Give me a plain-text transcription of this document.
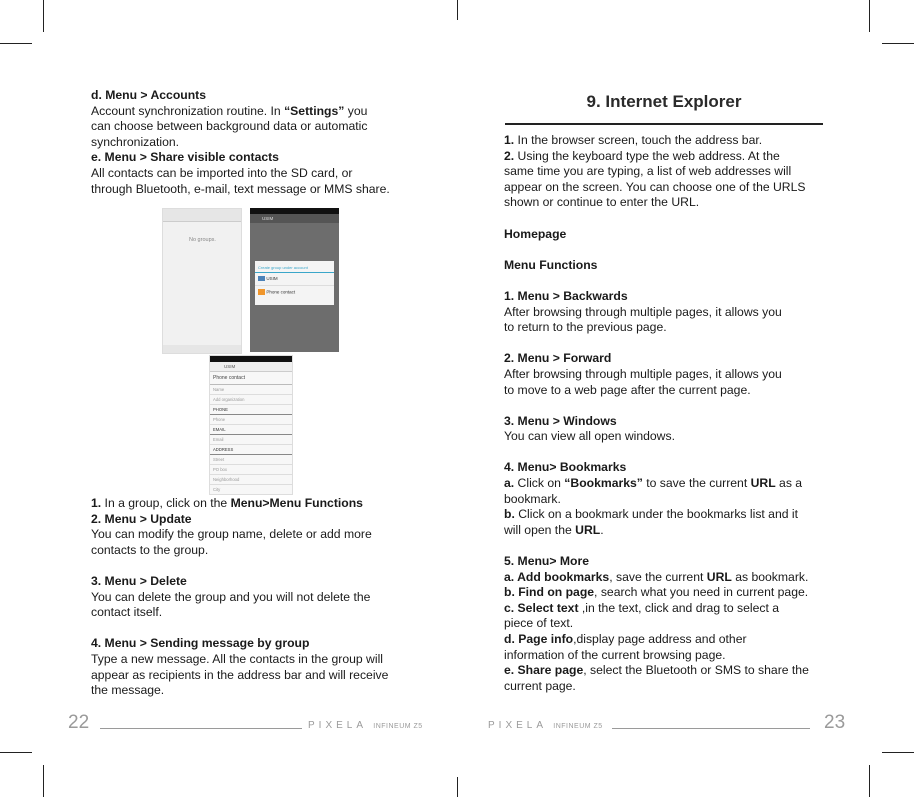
d. Menu > Accounts

Account synchronization routine. In “Settings” you

can choose between background data or automatic

synchronization.

e. Menu > Share visible contacts

All contacts can be imported into the SD card, or

through Bluetooth, e-mail, text message or MMS share.

No groups.
USIM
Create group under account
USIM
Phone contact
USIM
Phone contact
Name
Add organization
PHONE
Phone
EMAIL
Email
ADDRESS
Street
PO box
Neighborhood
City

1. In a group, click on the Menu>Menu Functions

2. Menu > Update

You can modify the group name, delete or add more

contacts to the group.

3. Menu > Delete

You can delete the group and you will not delete the

contact itself.

4. Menu > Sending message by group

Type a new message. All the contacts in the group will

appear as recipients in the address bar and will receive

the message.

9. Internet Explorer

1. In the browser screen, touch the address bar.

2. Using the keyboard type the web address. At the

same time you are typing, a list of web addresses will

appear on the screen. You can choose one of the URLS

shown or continue to enter the URL.

Homepage

Menu Functions

1. Menu > Backwards

After browsing through multiple pages, it allows you

to return to the previous page.

2. Menu > Forward

After browsing through multiple pages, it allows you

to move to a web page after the current page.

3. Menu > Windows

You can view all open windows.

4. Menu> Bookmarks

a. Click on “Bookmarks” to save the current URL as a

bookmark.

b. Click on a bookmark under the bookmarks list and it

will open the URL.

5. Menu> More

a. Add bookmarks, save the current URL as bookmark.

b. Find on page, search what you need in current page.

c. Select text ,in the text, click and drag to select a

piece of text.

d. Page info,display page address and other

information of the current browsing page.

e. Share page, select the Bluetooth or SMS to share the

current page.

22	PIXELA INFINEUM Z5	PIXELA INFINEUM Z5	23
